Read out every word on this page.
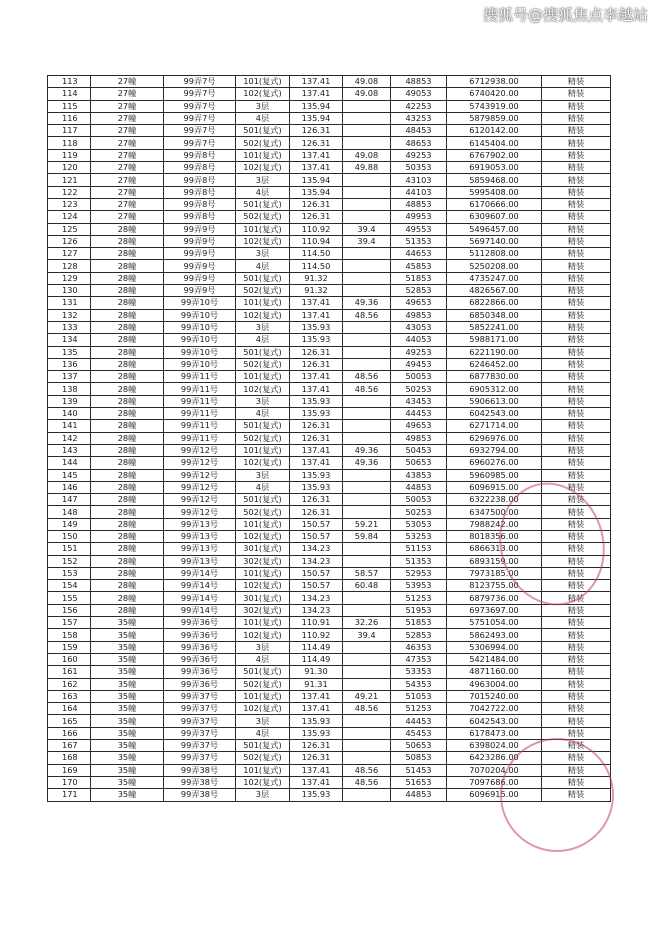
搜狐号@搜狐焦点李越站
113	27幢	99弄7号	101(复式)	137.41	49.08	48853	6712938.00	精装
114	27幢	99弄7号	102(复式)	137.41	49.08	49053	6740420.00	精装
115	27幢	99弄7号	3层	135.94		42253	5743919.00	精装
116	27幢	99弄7号	4层	135.94		43253	5879859.00	精装
117	27幢	99弄7号	501(复式)	126.31		48453	6120142.00	精装
118	27幢	99弄7号	502(复式)	126.31		48653	6145404.00	精装
119	27幢	99弄8号	101(复式)	137.41	49.08	49253	6767902.00	精装
120	27幢	99弄8号	102(复式)	137.41	49.88	50353	6919053.00	精装
121	27幢	99弄8号	3层	135.94		43103	5859468.00	精装
122	27幢	99弄8号	4层	135.94		44103	5995408.00	精装
123	27幢	99弄8号	501(复式)	126.31		48853	6170666.00	精装
124	27幢	99弄8号	502(复式)	126.31		49953	6309607.00	精装
125	28幢	99弄9号	101(复式)	110.92	39.4	49553	5496457.00	精装
126	28幢	99弄9号	102(复式)	110.94	39.4	51353	5697140.00	精装
127	28幢	99弄9号	3层	114.50		44653	5112808.00	精装
128	28幢	99弄9号	4层	114.50		45853	5250208.00	精装
129	28幢	99弄9号	501(复式)	91.32		51853	4735247.00	精装
130	28幢	99弄9号	502(复式)	91.32		52853	4826567.00	精装
131	28幢	99弄10号	101(复式)	137.41	49.36	49653	6822866.00	精装
132	28幢	99弄10号	102(复式)	137.41	48.56	49853	6850348.00	精装
133	28幢	99弄10号	3层	135.93		43053	5852241.00	精装
134	28幢	99弄10号	4层	135.93		44053	5988171.00	精装
135	28幢	99弄10号	501(复式)	126.31		49253	6221190.00	精装
136	28幢	99弄10号	502(复式)	126.31		49453	6246452.00	精装
137	28幢	99弄11号	101(复式)	137.41	48.56	50053	6877830.00	精装
138	28幢	99弄11号	102(复式)	137.41	48.56	50253	6905312.00	精装
139	28幢	99弄11号	3层	135.93		43453	5906613.00	精装
140	28幢	99弄11号	4层	135.93		44453	6042543.00	精装
141	28幢	99弄11号	501(复式)	126.31		49653	6271714.00	精装
142	28幢	99弄11号	502(复式)	126.31		49853	6296976.00	精装
143	28幢	99弄12号	101(复式)	137.41	49.36	50453	6932794.00	精装
144	28幢	99弄12号	102(复式)	137.41	49.36	50653	6960276.00	精装
145	28幢	99弄12号	3层	135.93		43853	5960985.00	精装
146	28幢	99弄12号	4层	135.93		44853	6096915.00	精装
147	28幢	99弄12号	501(复式)	126.31		50053	6322238.00	精装
148	28幢	99弄12号	502(复式)	126.31		50253	6347500.00	精装
149	28幢	99弄13号	101(复式)	150.57	59.21	53053	7988242.00	精装
150	28幢	99弄13号	102(复式)	150.57	59.84	53253	8018356.00	精装
151	28幢	99弄13号	301(复式)	134.23		51153	6866313.00	精装
152	28幢	99弄13号	302(复式)	134.23		51353	6893159.00	精装
153	28幢	99弄14号	101(复式)	150.57	58.57	52953	7973185.00	精装
154	28幢	99弄14号	102(复式)	150.57	60.48	53953	8123755.00	精装
155	28幢	99弄14号	301(复式)	134.23		51253	6879736.00	精装
156	28幢	99弄14号	302(复式)	134.23		51953	6973697.00	精装
157	35幢	99弄36号	101(复式)	110.91	32.26	51853	5751054.00	精装
158	35幢	99弄36号	102(复式)	110.92	39.4	52853	5862493.00	精装
159	35幢	99弄36号	3层	114.49		46353	5306994.00	精装
160	35幢	99弄36号	4层	114.49		47353	5421484.00	精装
161	35幢	99弄36号	501(复式)	91.30		53353	4871160.00	精装
162	35幢	99弄36号	502(复式)	91.31		54353	4963004.00	精装
163	35幢	99弄37号	101(复式)	137.41	49.21	51053	7015240.00	精装
164	35幢	99弄37号	102(复式)	137.41	48.56	51253	7042722.00	精装
165	35幢	99弄37号	3层	135.93		44453	6042543.00	精装
166	35幢	99弄37号	4层	135.93		45453	6178473.00	精装
167	35幢	99弄37号	501(复式)	126.31		50653	6398024.00	精装
168	35幢	99弄37号	502(复式)	126.31		50853	6423286.00	精装
169	35幢	99弄38号	101(复式)	137.41	48.56	51453	7070204.00	精装
170	35幢	99弄38号	102(复式)	137.41	48.56	51653	7097686.00	精装
171	35幢	99弄38号	3层	135.93		44853	6096915.00	精装
